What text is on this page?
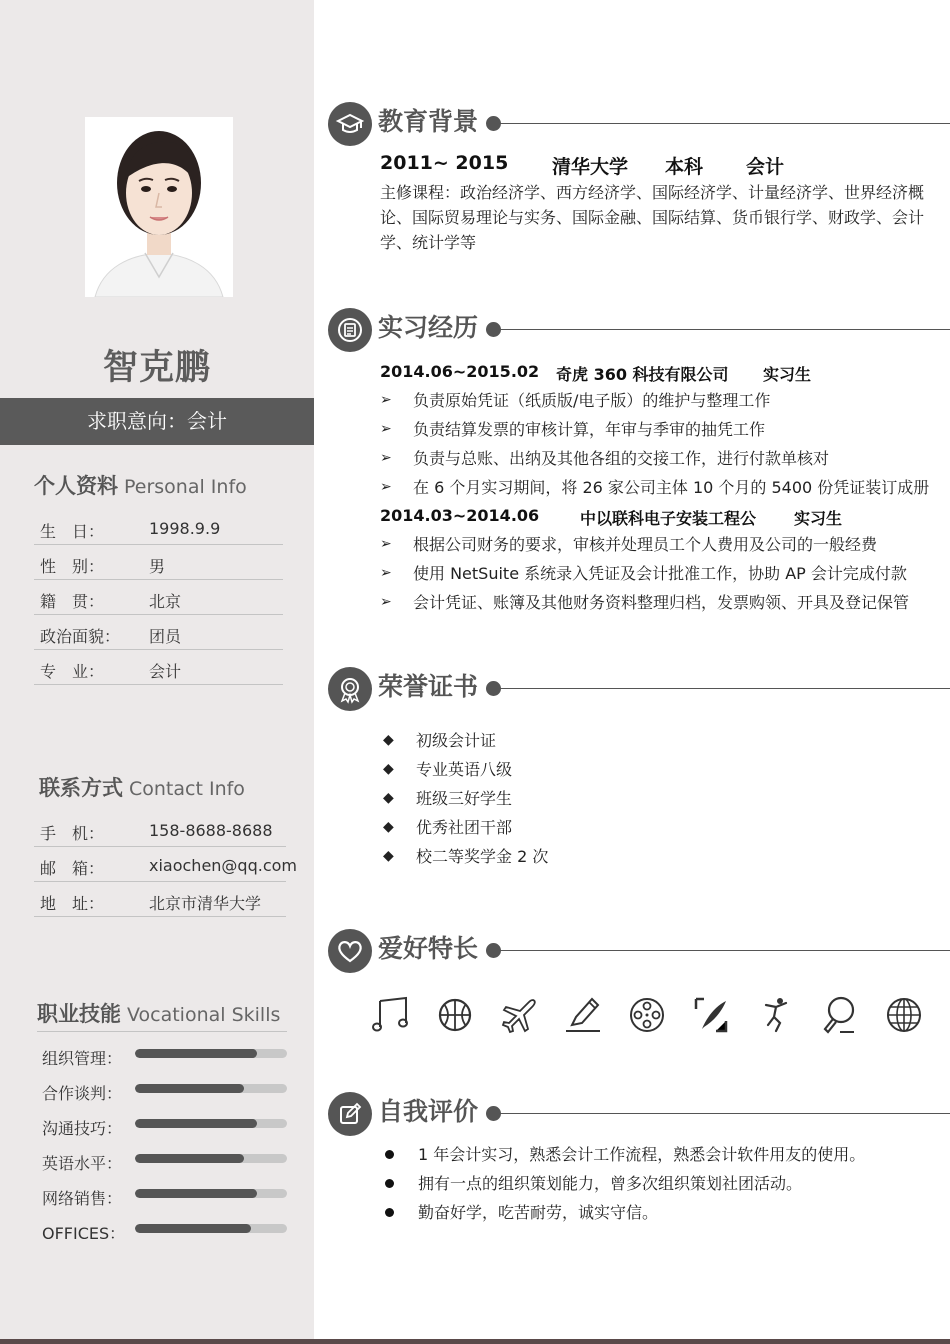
智克鹏
求职意向：会计
个人资料 Personal Info
生　日：	1998.9.9
性　别：	男
籍　贯：	北京
政治面貌： 团员
专　业：	会计
联系方式 Contact Info
手　机：	158-8688-8688
邮　箱：	xiaochen@qq.com
地　址：	北京市清华大学
职业技能 Vocational Skills
组织管理：
合作谈判：
沟通技巧：
英语水平：
网络销售：
OFFICES：
教育背景
2011~ 2015 清华大学 本科 会计
主修课程：政治经济学、西方经济学、国际经济学、计量经济学、世界经济概论、国际贸易理论与实务、国际金融、国际结算、货币银行学、财政学、会计学、统计学等
实习经历
2014.06~2015.02 奇虎 360 科技有限公司 实习生
➢ 负责原始凭证（纸质版/电子版）的维护与整理工作
➢ 负责结算发票的审核计算，年审与季审的抽凭工作
➢ 负责与总账、出纳及其他各组的交接工作，进行付款单核对
➢ 在 6 个月实习期间，将 26 家公司主体 10 个月的 5400 份凭证装订成册
2014.03~2014.06	中以联科电子安装工程公 实习生
➢ 根据公司财务的要求，审核并处理员工个人费用及公司的一般经费
➢ 使用 NetSuite 系统录入凭证及会计批准工作，协助 AP 会计完成付款
➢ 会计凭证、账簿及其他财务资料整理归档，发票购领、开具及登记保管
荣誉证书
◆ 初级会计证
◆ 专业英语八级
◆ 班级三好学生
◆ 优秀社团干部
◆ 校二等奖学金 2 次
爱好特长
自我评价
1 年会计实习，熟悉会计工作流程，熟悉会计软件用友的使用。
拥有一点的组织策划能力，曾多次组织策划社团活动。
勤奋好学，吃苦耐劳，诚实守信。
